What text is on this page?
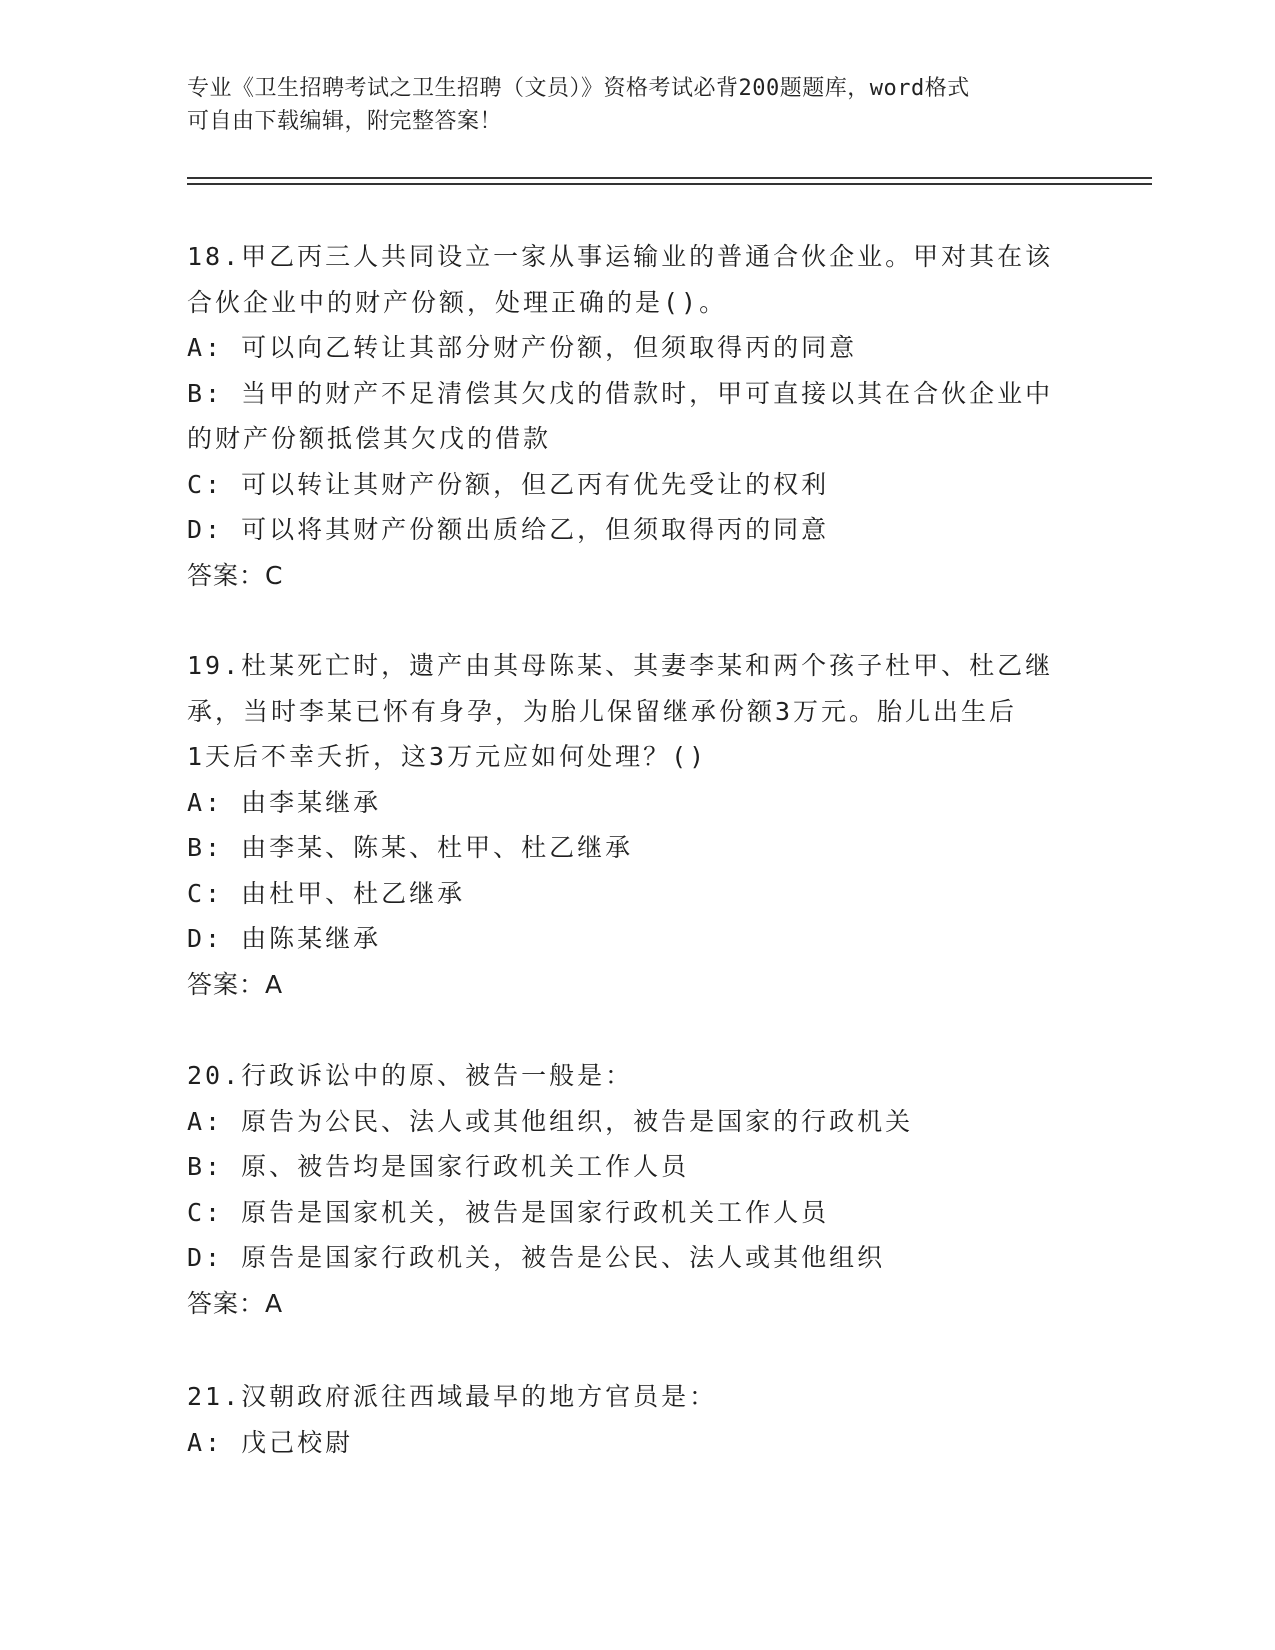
专业《卫生招聘考试之卫生招聘（文员）》资格考试必背200题题库，word格式
可自由下载编辑，附完整答案！
18.甲乙丙三人共同设立一家从事运输业的普通合伙企业。甲对其在该
合伙企业中的财产份额，处理正确的是()。
A: 可以向乙转让其部分财产份额，但须取得丙的同意
B: 当甲的财产不足清偿其欠戊的借款时，甲可直接以其在合伙企业中
的财产份额抵偿其欠戊的借款
C: 可以转让其财产份额，但乙丙有优先受让的权利
D: 可以将其财产份额出质给乙，但须取得丙的同意
答案：C
19.杜某死亡时，遗产由其母陈某、其妻李某和两个孩子杜甲、杜乙继
承，当时李某已怀有身孕，为胎儿保留继承份额3万元。胎儿出生后
1天后不幸夭折，这3万元应如何处理？()
A: 由李某继承
B: 由李某、陈某、杜甲、杜乙继承
C: 由杜甲、杜乙继承
D: 由陈某继承
答案：A
20.行政诉讼中的原、被告一般是：
A: 原告为公民、法人或其他组织，被告是国家的行政机关
B: 原、被告均是国家行政机关工作人员
C: 原告是国家机关，被告是国家行政机关工作人员
D: 原告是国家行政机关，被告是公民、法人或其他组织
答案：A
21.汉朝政府派往西域最早的地方官员是：
A: 戊己校尉
